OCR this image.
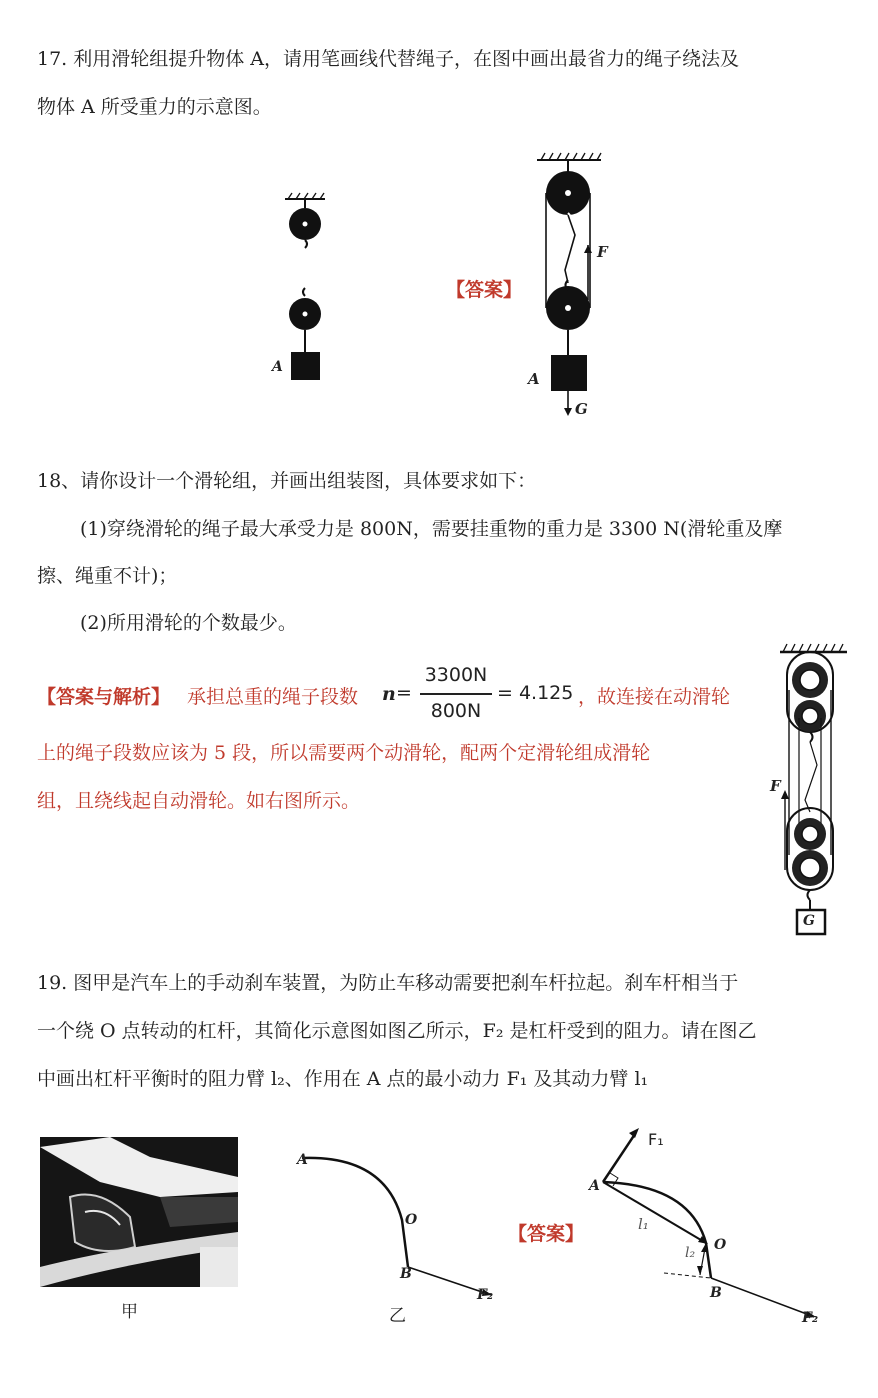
17. 利用滑轮组提升物体 A，请用笔画线代替绳子，在图中画出最省力的绳子绕法及
物体 A 所受重力的示意图。
A
【答案】
F
A
G
18、请你设计一个滑轮组，并画出组装图，具体要求如下：
(1)穿绕滑轮的绳子最大承受力是 800N，需要挂重物的重力是 3300 N(滑轮重及摩
擦、绳重不计)；
(2)所用滑轮的个数最少。
【答案与解析】 承担总重的绳子段数 n =
3300N
800N
= 4.125 ，故连接在动滑轮
上的绳子段数应该为 5 段，所以需要两个动滑轮，配两个定滑轮组成滑轮
组，且绕线起自动滑轮。如右图所示。
F
G
19. 图甲是汽车上的手动刹车装置，为防止车移动需要把刹车杆拉起。刹车杆相当于
一个绕 O 点转动的杠杆，其简化示意图如图乙所示，F₂ 是杠杆受到的阻力。请在图乙
中画出杠杆平衡时的阻力臂 l₂、作用在 A 点的最小动力 F₁ 及其动力臂 l₁
甲
A
O
B
F₂
乙
【答案】
A
F₁
l₁
l₂ O
B
F₂
